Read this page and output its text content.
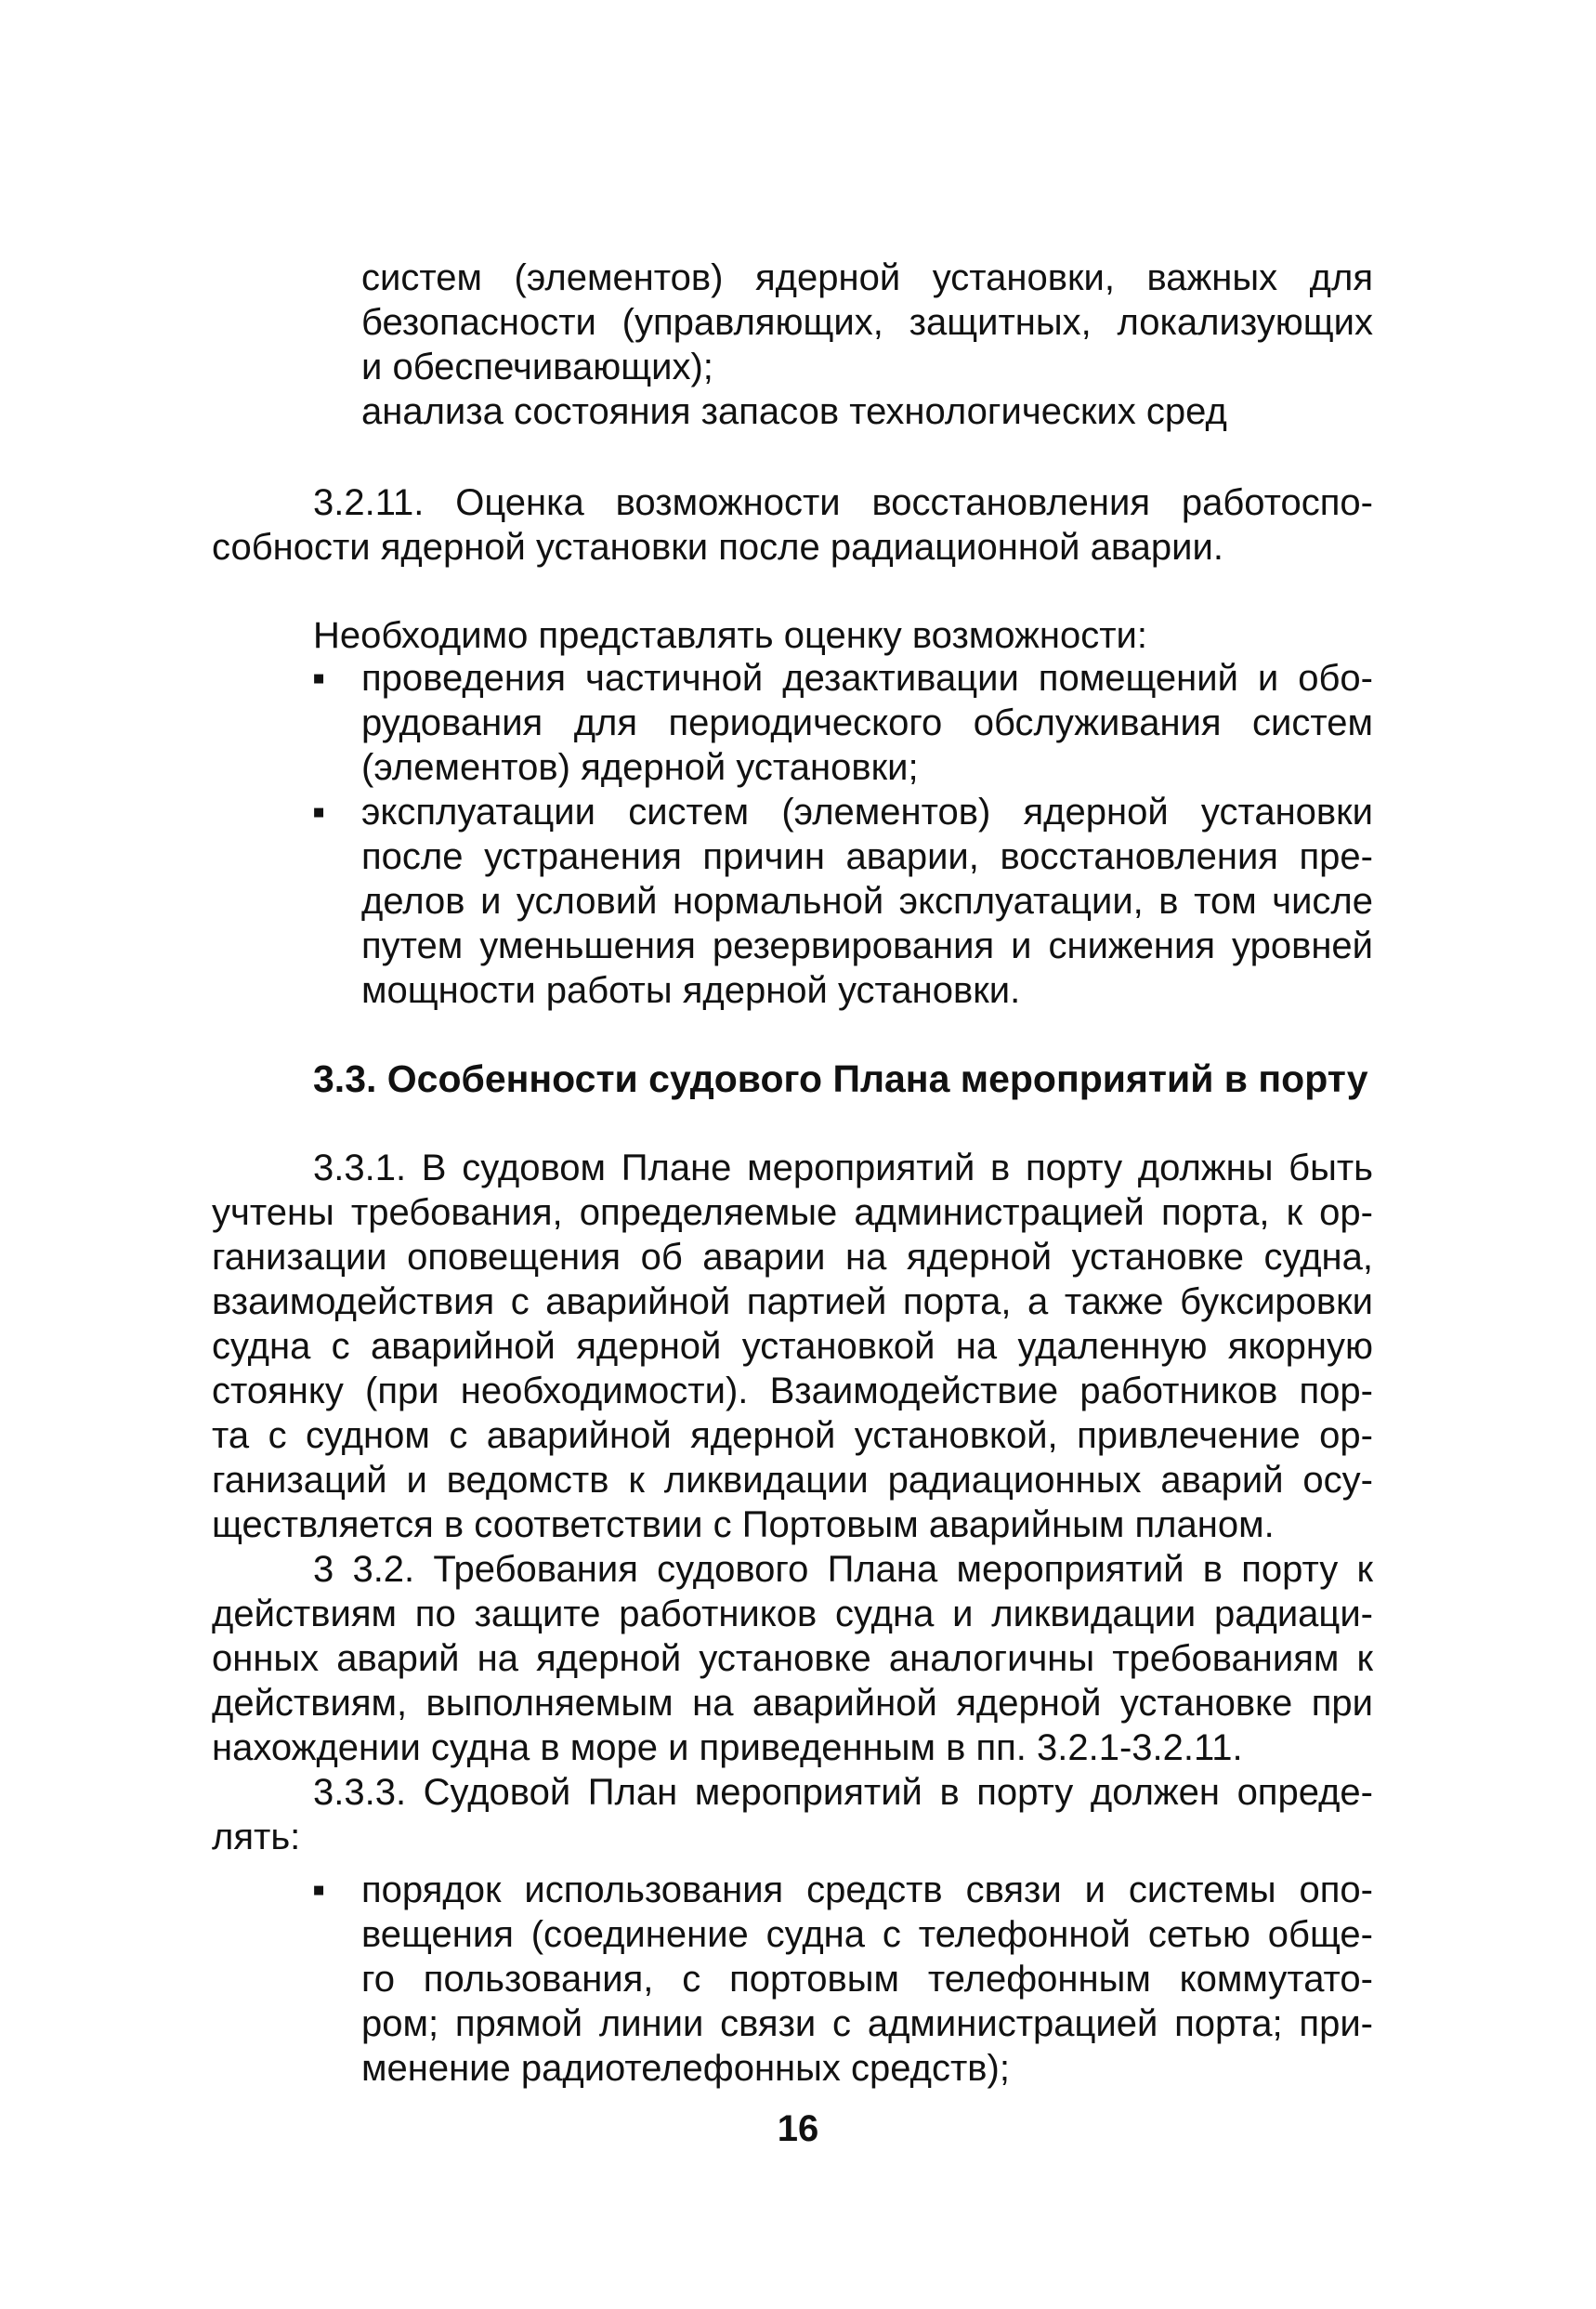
систем (элементов) ядерной установки, важных для
безопасности (управляющих, защитных, локализующих
и обеспечивающих);
анализа состояния запасов технологических сред
3.2.11. Оценка возможности восстановления работоспо-
собности ядерной установки после радиационной аварии.
Необходимо представлять оценку возможности:
▪ проведения частичной дезактивации помещений и обо-
рудования для периодического обслуживания систем
(элементов) ядерной установки;
▪ эксплуатации систем (элементов) ядерной установки
после устранения причин аварии, восстановления пре-
делов и условий нормальной эксплуатации, в том числе
путем уменьшения резервирования и снижения уровней
мощности работы ядерной установки.
3.3. Особенности судового Плана мероприятий в порту
3.3.1. В судовом Плане мероприятий в порту должны быть
учтены требования, определяемые администрацией порта, к ор-
ганизации оповещения об аварии на ядерной установке судна,
взаимодействия с аварийной партией порта, а также буксировки
судна с аварийной ядерной установкой на удаленную якорную
стоянку (при необходимости). Взаимодействие работников пор-
та с судном с аварийной ядерной установкой, привлечение ор-
ганизаций и ведомств к ликвидации радиационных аварий осу-
ществляется в соответствии с Портовым аварийным планом.
3 3.2. Требования судового Плана мероприятий в порту к
действиям по защите работников судна и ликвидации радиаци-
онных аварий на ядерной установке аналогичны требованиям к
действиям, выполняемым на аварийной ядерной установке при
нахождении судна в море и приведенным в пп. 3.2.1-3.2.11.
3.3.3. Судовой План мероприятий в порту должен опреде-
лять:
▪ порядок использования средств связи и системы опо-
вещения (соединение судна с телефонной сетью обще-
го пользования, с портовым телефонным коммутато-
ром; прямой линии связи с администрацией порта; при-
менение радиотелефонных средств);
16
